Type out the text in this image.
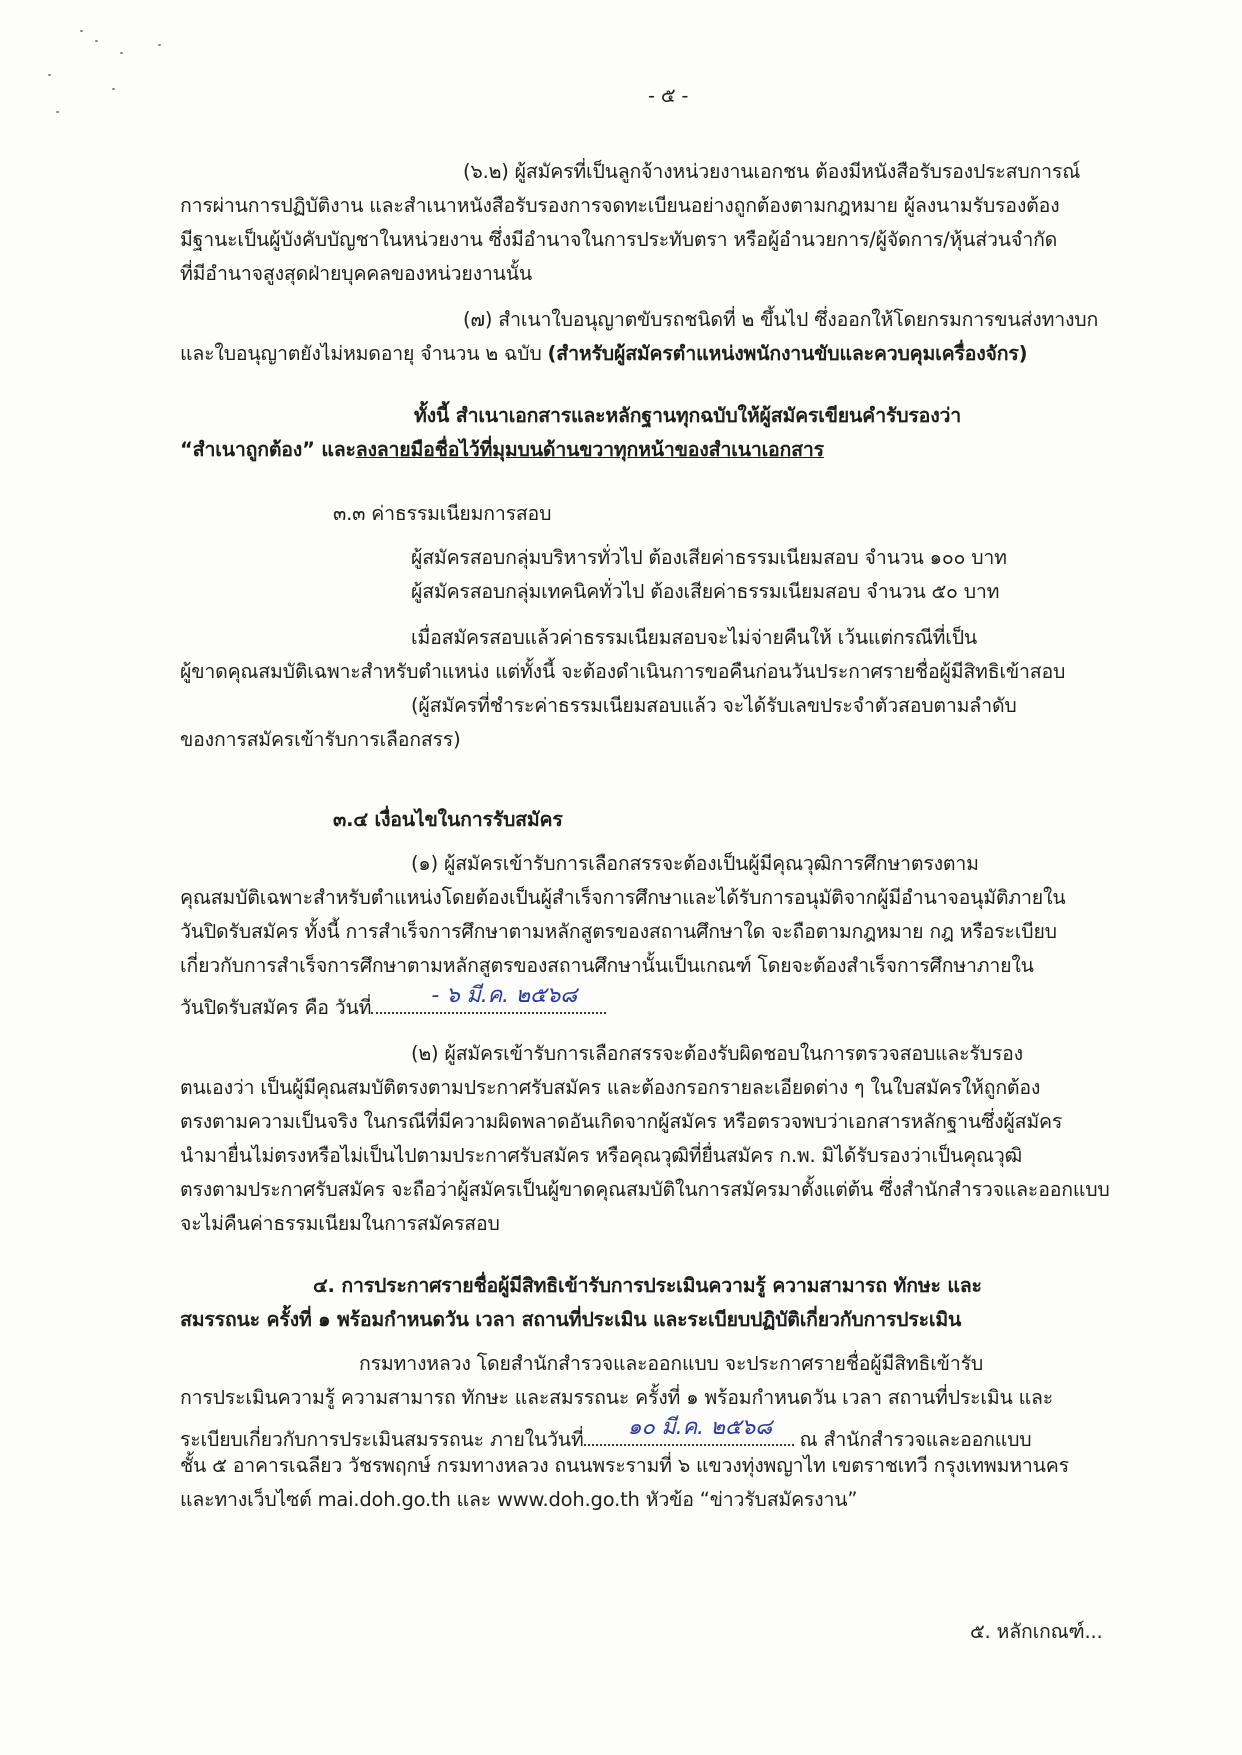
- ๕ -
(๖.๒) ผู้สมัครที่เป็นลูกจ้างหน่วยงานเอกชน ต้องมีหนังสือรับรองประสบการณ์
การผ่านการปฏิบัติงาน และสำเนาหนังสือรับรองการจดทะเบียนอย่างถูกต้องตามกฎหมาย ผู้ลงนามรับรองต้อง
มีฐานะเป็นผู้บังคับบัญชาในหน่วยงาน ซึ่งมีอำนาจในการประทับตรา หรือผู้อำนวยการ/ผู้จัดการ/หุ้นส่วนจำกัด
ที่มีอำนาจสูงสุดฝ่ายบุคคลของหน่วยงานนั้น
(๗) สำเนาใบอนุญาตขับรถชนิดที่ ๒ ขึ้นไป ซึ่งออกให้โดยกรมการขนส่งทางบก
และใบอนุญาตยังไม่หมดอายุ จำนวน ๒ ฉบับ (สำหรับผู้สมัครตำแหน่งพนักงานขับและควบคุมเครื่องจักร)
ทั้งนี้ สำเนาเอกสารและหลักฐานทุกฉบับให้ผู้สมัครเขียนคำรับรองว่า
“สำเนาถูกต้อง” และลงลายมือชื่อไว้ที่มุมบนด้านขวาทุกหน้าของสำเนาเอกสาร
๓.๓ ค่าธรรมเนียมการสอบ
ผู้สมัครสอบกลุ่มบริหารทั่วไป ต้องเสียค่าธรรมเนียมสอบ จำนวน ๑๐๐ บาท
ผู้สมัครสอบกลุ่มเทคนิคทั่วไป ต้องเสียค่าธรรมเนียมสอบ จำนวน ๕๐ บาท
เมื่อสมัครสอบแล้วค่าธรรมเนียมสอบจะไม่จ่ายคืนให้ เว้นแต่กรณีที่เป็น
ผู้ขาดคุณสมบัติเฉพาะสำหรับตำแหน่ง แต่ทั้งนี้ จะต้องดำเนินการขอคืนก่อนวันประกาศรายชื่อผู้มีสิทธิเข้าสอบ
(ผู้สมัครที่ชำระค่าธรรมเนียมสอบแล้ว จะได้รับเลขประจำตัวสอบตามลำดับ
ของการสมัครเข้ารับการเลือกสรร)
๓.๔ เงื่อนไขในการรับสมัคร
(๑) ผู้สมัครเข้ารับการเลือกสรรจะต้องเป็นผู้มีคุณวุฒิการศึกษาตรงตาม
คุณสมบัติเฉพาะสำหรับตำแหน่งโดยต้องเป็นผู้สำเร็จการศึกษาและได้รับการอนุมัติจากผู้มีอำนาจอนุมัติภายใน
วันปิดรับสมัคร ทั้งนี้ การสำเร็จการศึกษาตามหลักสูตรของสถานศึกษาใด จะถือตามกฎหมาย กฎ หรือระเบียบ
เกี่ยวกับการสำเร็จการศึกษาตามหลักสูตรของสถานศึกษานั้นเป็นเกณฑ์ โดยจะต้องสำเร็จการศึกษาภายใน
วันปิดรับสมัคร คือ วันที่	- ๖ มี.ค. ๒๕๖๘
(๒) ผู้สมัครเข้ารับการเลือกสรรจะต้องรับผิดชอบในการตรวจสอบและรับรอง
ตนเองว่า เป็นผู้มีคุณสมบัติตรงตามประกาศรับสมัคร และต้องกรอกรายละเอียดต่าง ๆ ในใบสมัครให้ถูกต้อง
ตรงตามความเป็นจริง ในกรณีที่มีความผิดพลาดอันเกิดจากผู้สมัคร หรือตรวจพบว่าเอกสารหลักฐานซึ่งผู้สมัคร
นำมายื่นไม่ตรงหรือไม่เป็นไปตามประกาศรับสมัคร หรือคุณวุฒิที่ยื่นสมัคร ก.พ. มิได้รับรองว่าเป็นคุณวุฒิ
ตรงตามประกาศรับสมัคร จะถือว่าผู้สมัครเป็นผู้ขาดคุณสมบัติในการสมัครมาตั้งแต่ต้น ซึ่งสำนักสำรวจและออกแบบ
จะไม่คืนค่าธรรมเนียมในการสมัครสอบ
๔. การประกาศรายชื่อผู้มีสิทธิเข้ารับการประเมินความรู้ ความสามารถ ทักษะ และ
สมรรถนะ ครั้งที่ ๑ พร้อมกำหนดวัน เวลา สถานที่ประเมิน และระเบียบปฏิบัติเกี่ยวกับการประเมิน
กรมทางหลวง โดยสำนักสำรวจและออกแบบ จะประกาศรายชื่อผู้มีสิทธิเข้ารับ
การประเมินความรู้ ความสามารถ ทักษะ และสมรรถนะ ครั้งที่ ๑ พร้อมกำหนดวัน เวลา สถานที่ประเมิน และ
ระเบียบเกี่ยวกับการประเมินสมรรถนะ ภายในวันที่ ๑๐ มี.ค. ๒๕๖๘ ณ สำนักสำรวจและออกแบบ
ชั้น ๕ อาคารเฉลียว วัชรพฤกษ์ กรมทางหลวง ถนนพระรามที่ ๖ แขวงทุ่งพญาไท เขตราชเทวี กรุงเทพมหานคร
และทางเว็บไซต์ mai.doh.go.th และ www.doh.go.th หัวข้อ “ข่าวรับสมัครงาน”
๕. หลักเกณฑ์...
